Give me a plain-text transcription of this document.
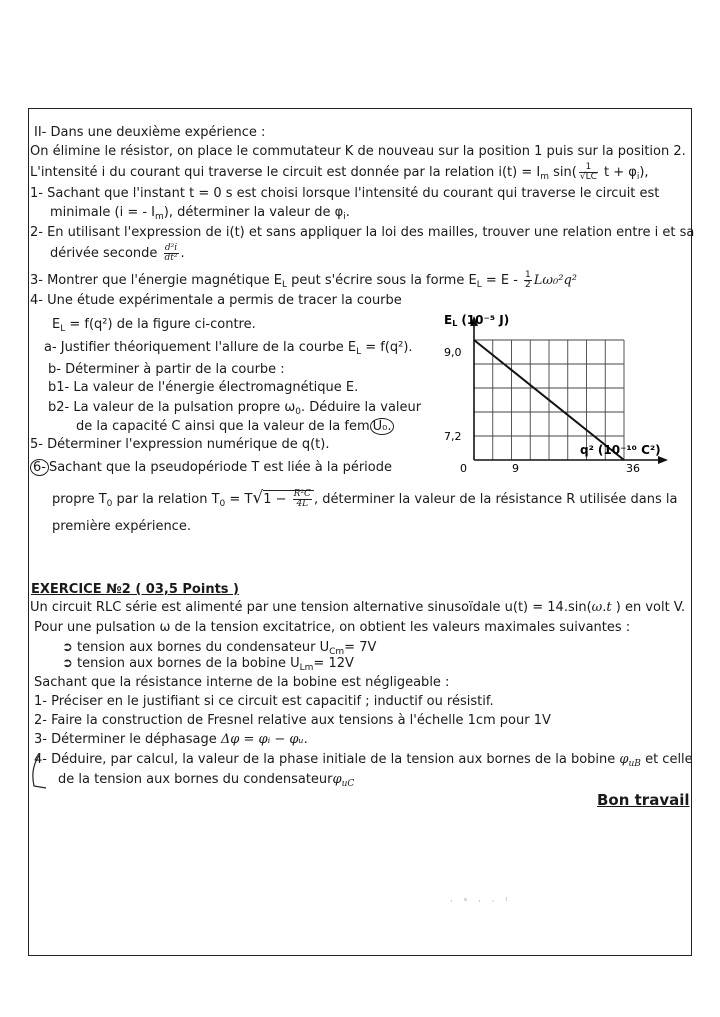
II- Dans une deuxième expérience :
On élimine le résistor, on place le commutateur K de nouveau sur la position 1 puis sur la position 2.
L'intensité i du courant qui traverse le circuit est donnée par la relation $i(t) = I_m$ $\sin( \frac{1}{√LC}$ $t + \varphi_i$),
1- Sachant que l'instant t = 0 s est choisi lorsque l'intensité du courant qui traverse le circuit est
minimale (i = - $I_m$), déterminer la valeur de $\varphi_i$.
2- En utilisant l'expression de i(t) et sans appliquer la loi des mailles, trouver une relation entre i et sa
dérivée seconde $\frac{\text{d²i}}{\text{dt²}}$ .
3- Montrer que l'énergie magnétique $E_L$ peut s'écrire sous la forme $E_L = E - \frac{1}{2} L\omega_0^2q^2$
4- Une étude expérimentale a permis de tracer la courbe
$E_L = f(q^2)$ de la figure ci-contre.
a- Justifier théoriquement l'allure de la courbe $E_L = f(q^2)$.
b- Déterminer à partir de la courbe :
b1- La valeur de l'énergie électromagnétique E.
b2- La valeur de la pulsation propre $\omega_0$. Déduire la valeur
de la capacité C ainsi que la valeur de la fem U₀.
5- Déterminer l'expression numérique de q(t).
6- Sachant que la pseudopériode T est liée à la période
propre $T_0$ par la relation $T_0 = T√1 - \frac{\text{R²C}}{4L}$ , déterminer la valeur de la résistance R utilisée dans la
première expérience.
EL (10⁻⁵ J)
q² (10⁻¹⁰ C²)
9,0
7,2
0	9	36
EXERCICE №2 ( 03,5 Points )
Un circuit RLC série est alimenté par une tension alternative sinusoïdale u(t) = 14.sin(ω.t ) en volt V.
Pour une pulsation ω de la tension excitatrice, on obtient les valeurs maximales suivantes :
➲ tension aux bornes du condensateur $U_{Cm}= 7V$
➲ tension aux bornes de la bobine $U_{Lm}= 12V$
Sachant que la résistance interne de la bobine est négligeable :
1- Préciser en le justifiant si ce circuit est capacitif ; inductif ou résistif.
2- Faire la construction de Fresnel relative aux tensions à l'échelle 1cm pour 1V
3- Déterminer le déphasage Δφ = φᵢ − φᵤ.
4- Déduire, par calcul, la valeur de la phase initiale de la tension aux bornes de la bobine $\varphi_{uB}$ et celle
de la tension aux bornes du condensateurφ$_{uC}$
Bon travail
· ˢ · ‧ ˡ
